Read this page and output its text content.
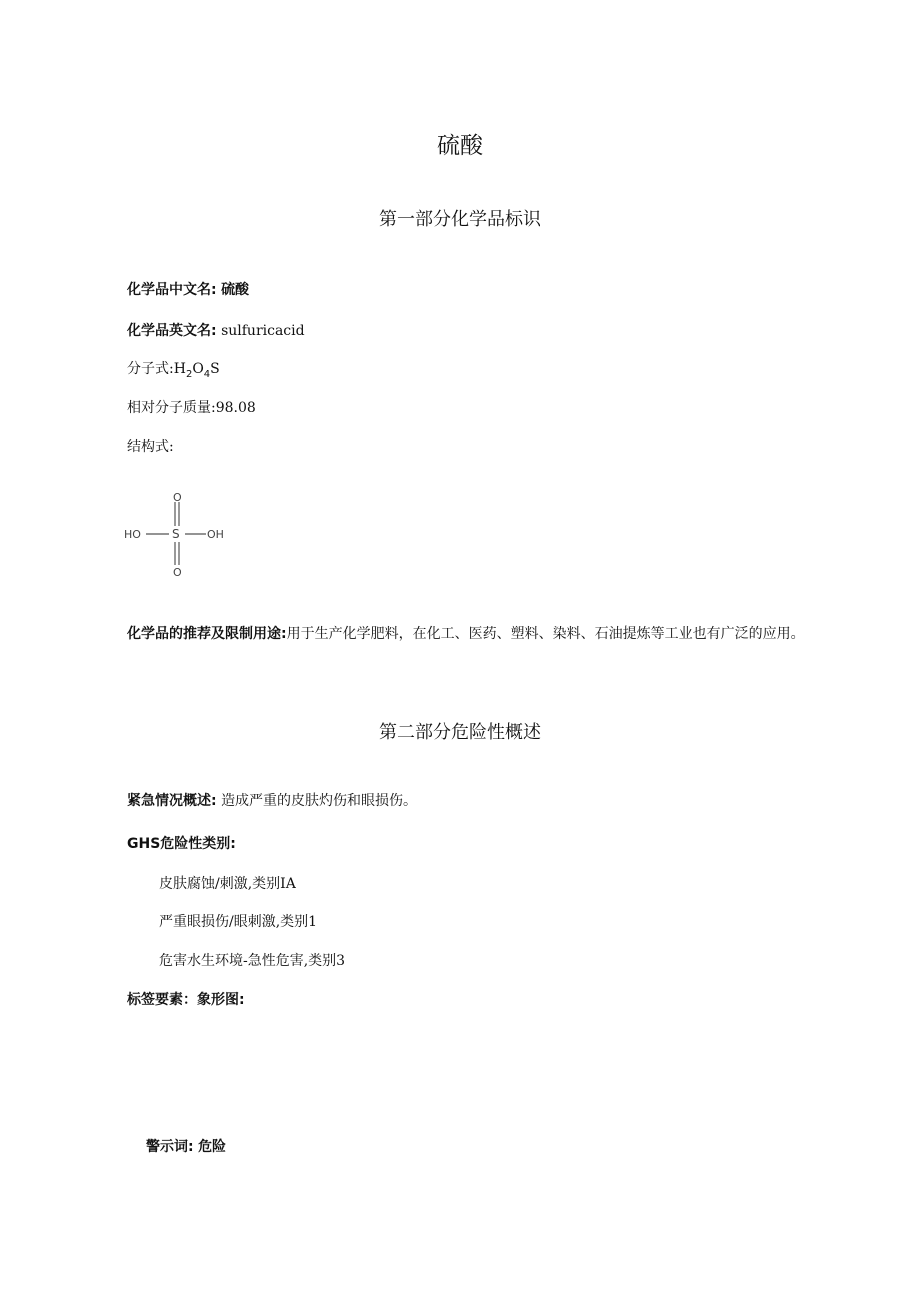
硫酸
第一部分化学品标识
化学品中文名: 硫酸
化学品英文名: sulfuricacid
分子式$:H_2O_4S$
相对分子质量:98.08
结构式:
HO	S OH
O
O
化学品的推荐及限制用途:用于生产化学肥料，在化工、医药、塑料、染料、石油提炼等工业也有广泛的应用。
第二部分危险性概述
紧急情况概述: 造成严重的皮肤灼伤和眼损伤。
GHS危险性类别:
皮肤腐蚀/刺激,类别IA
严重眼损伤/眼刺激,类别1
危害水生环境-急性危害,类别3
标签要素：象形图:
警示词: 危险
